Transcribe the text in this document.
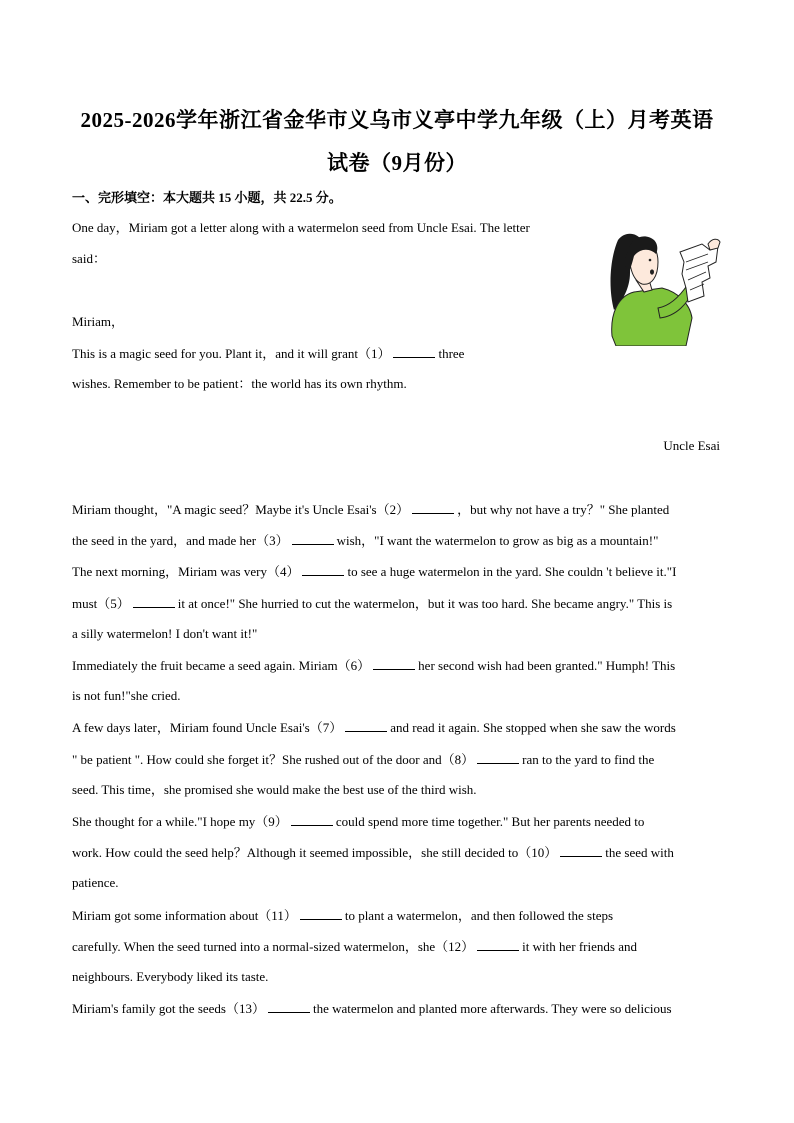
2025-2026学年浙江省金华市义乌市义亭中学九年级（上）月考英语
试卷（9月份）
一、完形填空：本大题共 15 小题，共 22.5 分。
One day，Miriam got a letter along with a watermelon seed from Uncle Esai. The letter
said：
Miriam，
This is a magic seed for you. Plant it，and it will grant（1）	three
wishes. Remember to be patient：the world has its own rhythm.
Uncle Esai
Miriam thought，"A magic seed？Maybe it's Uncle Esai's（2）	，but why not have a try？" She planted
the seed in the yard，and made her（3）	wish，"I want the watermelon to grow as big as a mountain!"
The next morning，Miriam was very（4）	to see a huge watermelon in the yard. She couldn 't believe it."I
must（5）	it at once!" She hurried to cut the watermelon，but it was too hard. She became angry." This is
a silly watermelon! I don't want it!"
Immediately the fruit became a seed again. Miriam（6）	her second wish had been granted." Humph! This
is not fun!"she cried.
A few days later，Miriam found Uncle Esai's（7）	and read it again. She stopped when she saw the words
" be patient ". How could she forget it？She rushed out of the door and（8）	ran to the yard to find the
seed. This time，she promised she would make the best use of the third wish.
She thought for a while."I hope my（9）	could spend more time together." But her parents needed to
work. How could the seed help？Although it seemed impossible，she still decided to（10）	the seed with
patience.
Miriam got some information about（11）	to plant a watermelon，and then followed the steps
carefully. When the seed turned into a normal-sized watermelon，she（12）	it with her friends and
neighbours. Everybody liked its taste.
Miriam's family got the seeds（13）	the watermelon and planted more afterwards. They were so delicious
